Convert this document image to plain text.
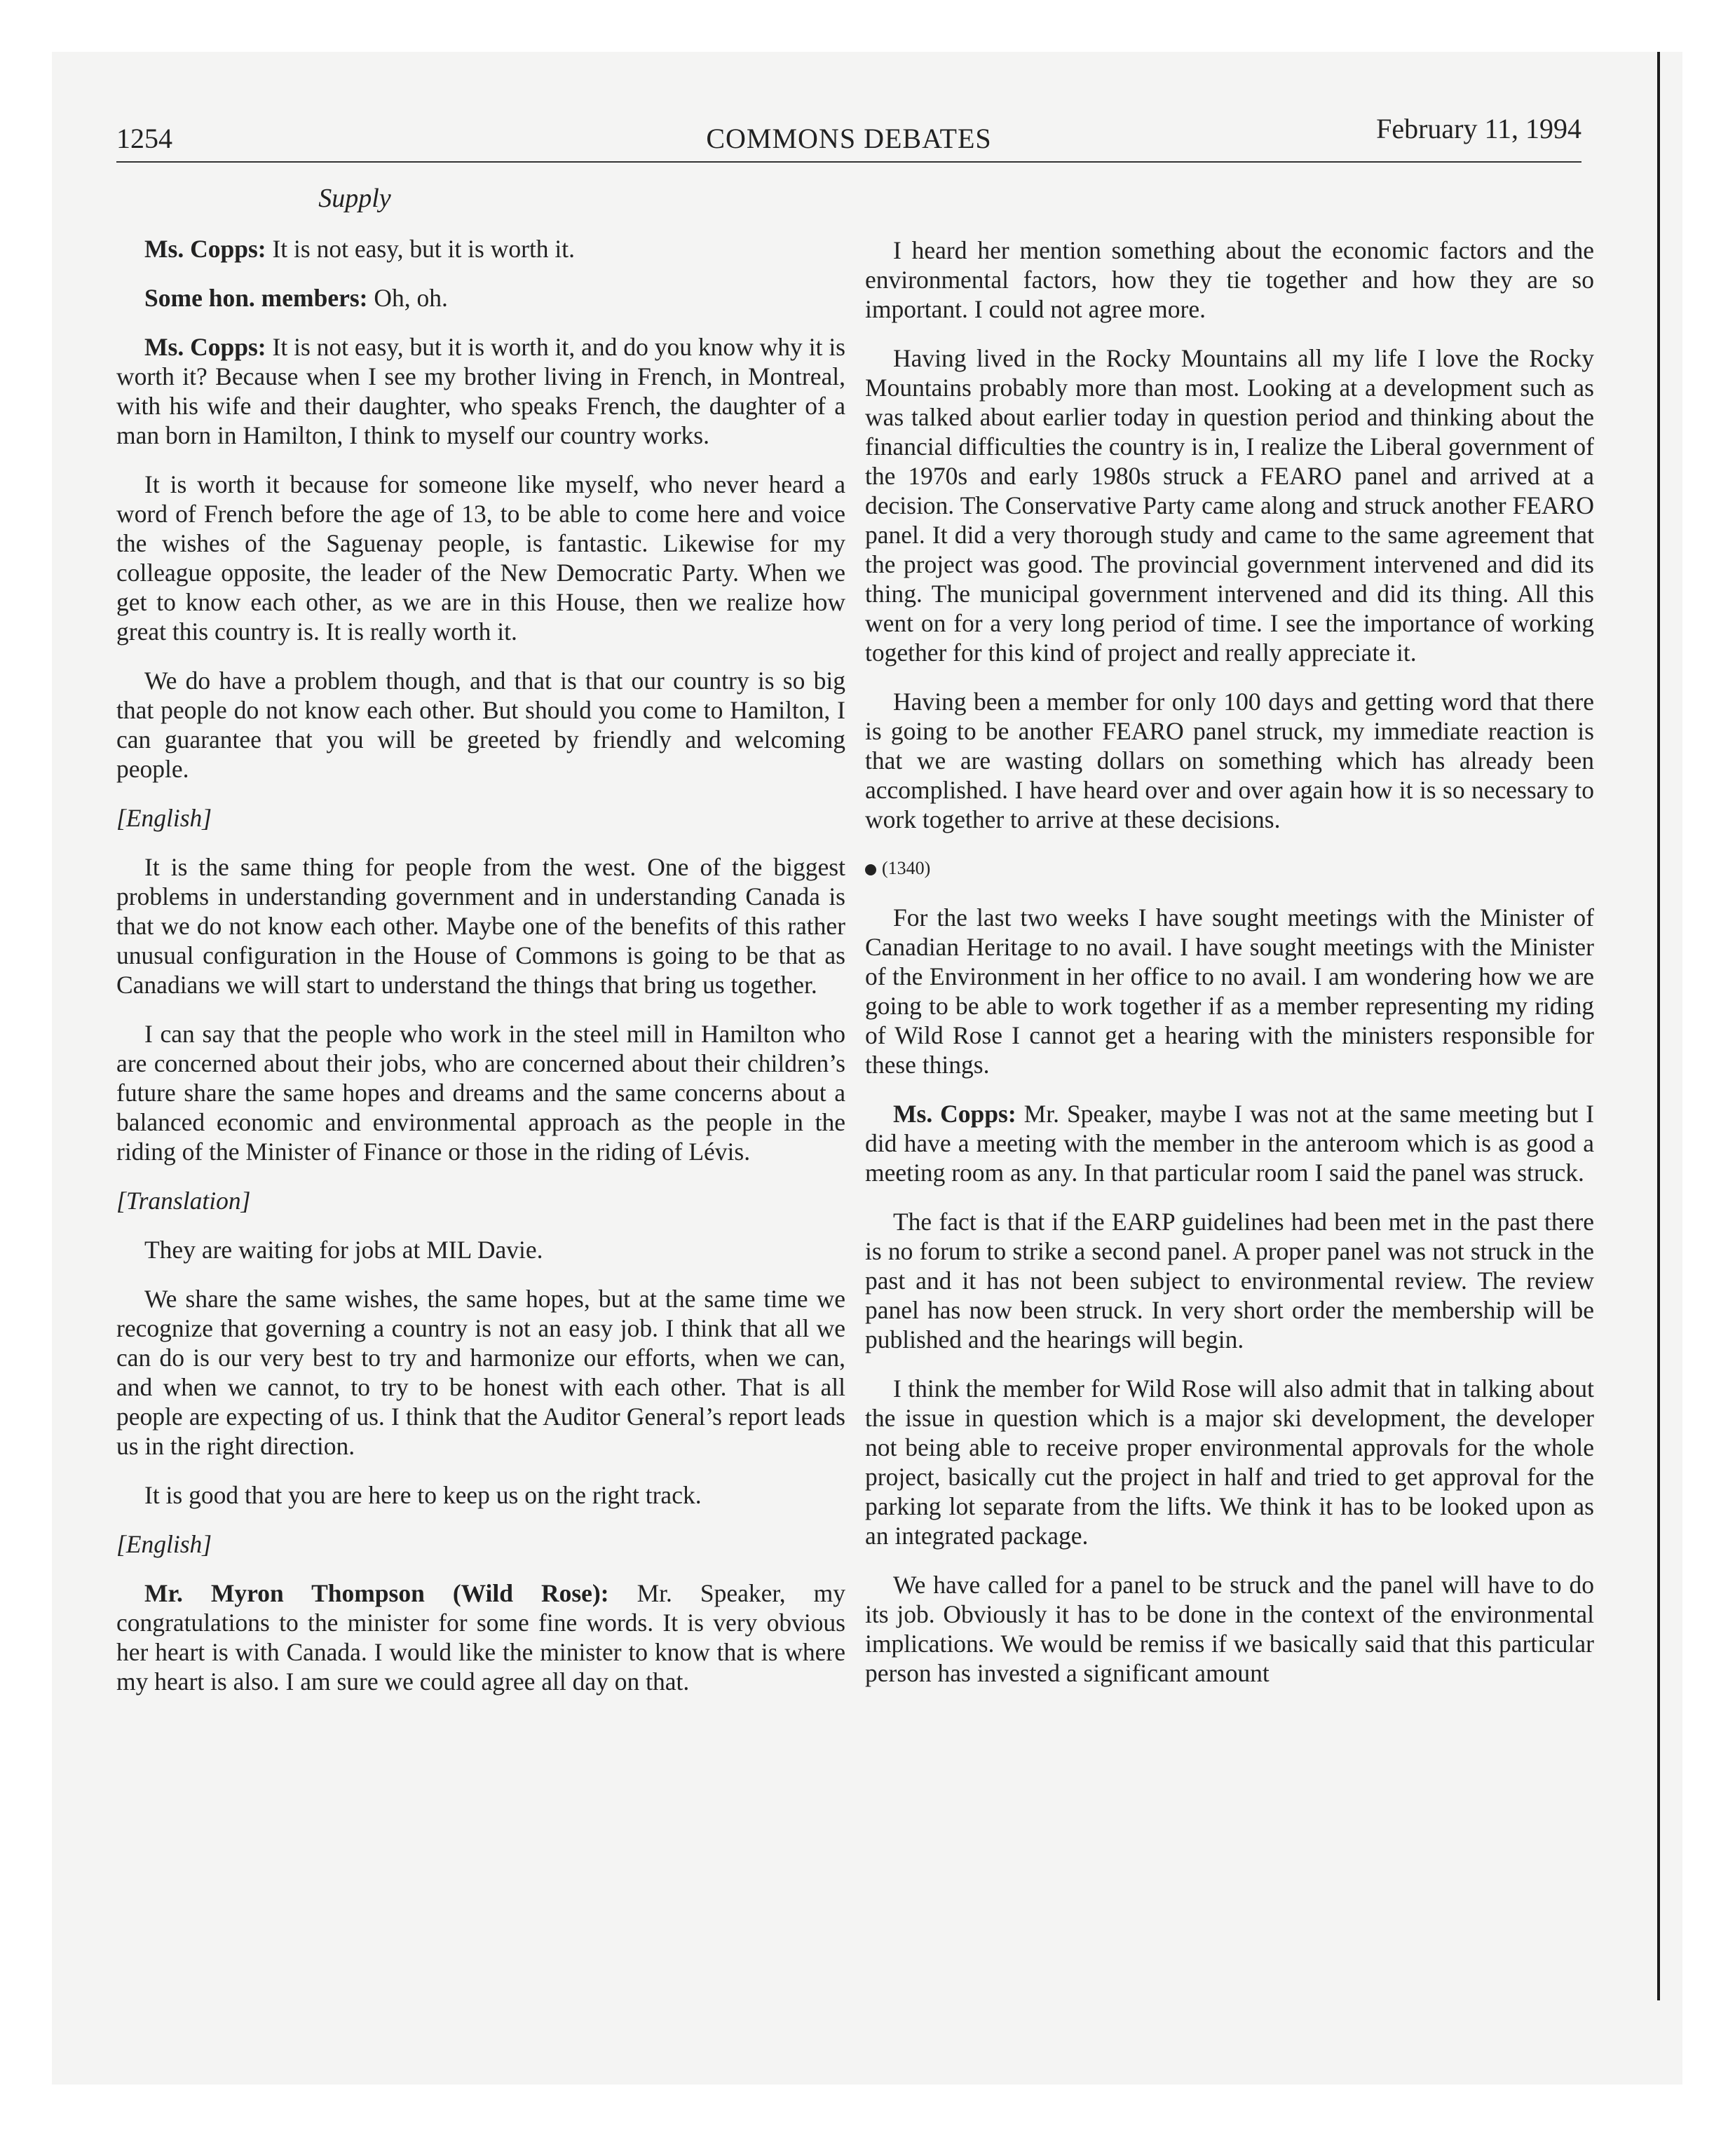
1254	COMMONS DEBATES	February 11, 1994
Supply

Ms. Copps: It is not easy, but it is worth it.

Some hon. members: Oh, oh.

Ms. Copps: It is not easy, but it is worth it, and do you know why it is worth it? Because when I see my brother living in French, in Montreal, with his wife and their daughter, who speaks French, the daughter of a man born in Hamilton, I think to myself our country works.

It is worth it because for someone like myself, who never heard a word of French before the age of 13, to be able to come here and voice the wishes of the Saguenay people, is fantastic. Likewise for my colleague opposite, the leader of the New Democratic Party. When we get to know each other, as we are in this House, then we realize how great this country is. It is really worth it.

We do have a problem though, and that is that our country is so big that people do not know each other. But should you come to Hamilton, I can guarantee that you will be greeted by friendly and welcoming people.

[English]

It is the same thing for people from the west. One of the biggest problems in understanding government and in understanding Canada is that we do not know each other. Maybe one of the benefits of this rather unusual configuration in the House of Commons is going to be that as Canadians we will start to understand the things that bring us together.

I can say that the people who work in the steel mill in Hamilton who are concerned about their jobs, who are concerned about their children’s future share the same hopes and dreams and the same concerns about a balanced economic and environmental approach as the people in the riding of the Minister of Finance or those in the riding of Lévis.

[Translation]

They are waiting for jobs at MIL Davie.

We share the same wishes, the same hopes, but at the same time we recognize that governing a country is not an easy job. I think that all we can do is our very best to try and harmonize our efforts, when we can, and when we cannot, to try to be honest with each other. That is all people are expecting of us. I think that the Auditor General’s report leads us in the right direction.

It is good that you are here to keep us on the right track.

[English]

Mr. Myron Thompson (Wild Rose): Mr. Speaker, my congratulations to the minister for some fine words. It is very obvious her heart is with Canada. I would like the minister to know that is where my heart is also. I am sure we could agree all day on that.

I heard her mention something about the economic factors and the environmental factors, how they tie together and how they are so important. I could not agree more.

Having lived in the Rocky Mountains all my life I love the Rocky Mountains probably more than most. Looking at a development such as was talked about earlier today in question period and thinking about the financial difficulties the country is in, I realize the Liberal government of the 1970s and early 1980s struck a FEARO panel and arrived at a decision. The Conservative Party came along and struck another FEARO panel. It did a very thorough study and came to the same agreement that the project was good. The provincial government intervened and did its thing. The municipal government intervened and did its thing. All this went on for a very long period of time. I see the importance of working together for this kind of project and really appreciate it.

Having been a member for only 100 days and getting word that there is going to be another FEARO panel struck, my immediate reaction is that we are wasting dollars on something which has already been accomplished. I have heard over and over again how it is so necessary to work together to arrive at these decisions.

(1340)

For the last two weeks I have sought meetings with the Minister of Canadian Heritage to no avail. I have sought meetings with the Minister of the Environment in her office to no avail. I am wondering how we are going to be able to work together if as a member representing my riding of Wild Rose I cannot get a hearing with the ministers responsible for these things.

Ms. Copps: Mr. Speaker, maybe I was not at the same meeting but I did have a meeting with the member in the anteroom which is as good a meeting room as any. In that particular room I said the panel was struck.

The fact is that if the EARP guidelines had been met in the past there is no forum to strike a second panel. A proper panel was not struck in the past and it has not been subject to environmental review. The review panel has now been struck. In very short order the membership will be published and the hearings will begin.

I think the member for Wild Rose will also admit that in talking about the issue in question which is a major ski development, the developer not being able to receive proper environmental approvals for the whole project, basically cut the project in half and tried to get approval for the parking lot separate from the lifts. We think it has to be looked upon as an integrated package.

We have called for a panel to be struck and the panel will have to do its job. Obviously it has to be done in the context of the environmental implications. We would be remiss if we basically said that this particular person has invested a significant amount
